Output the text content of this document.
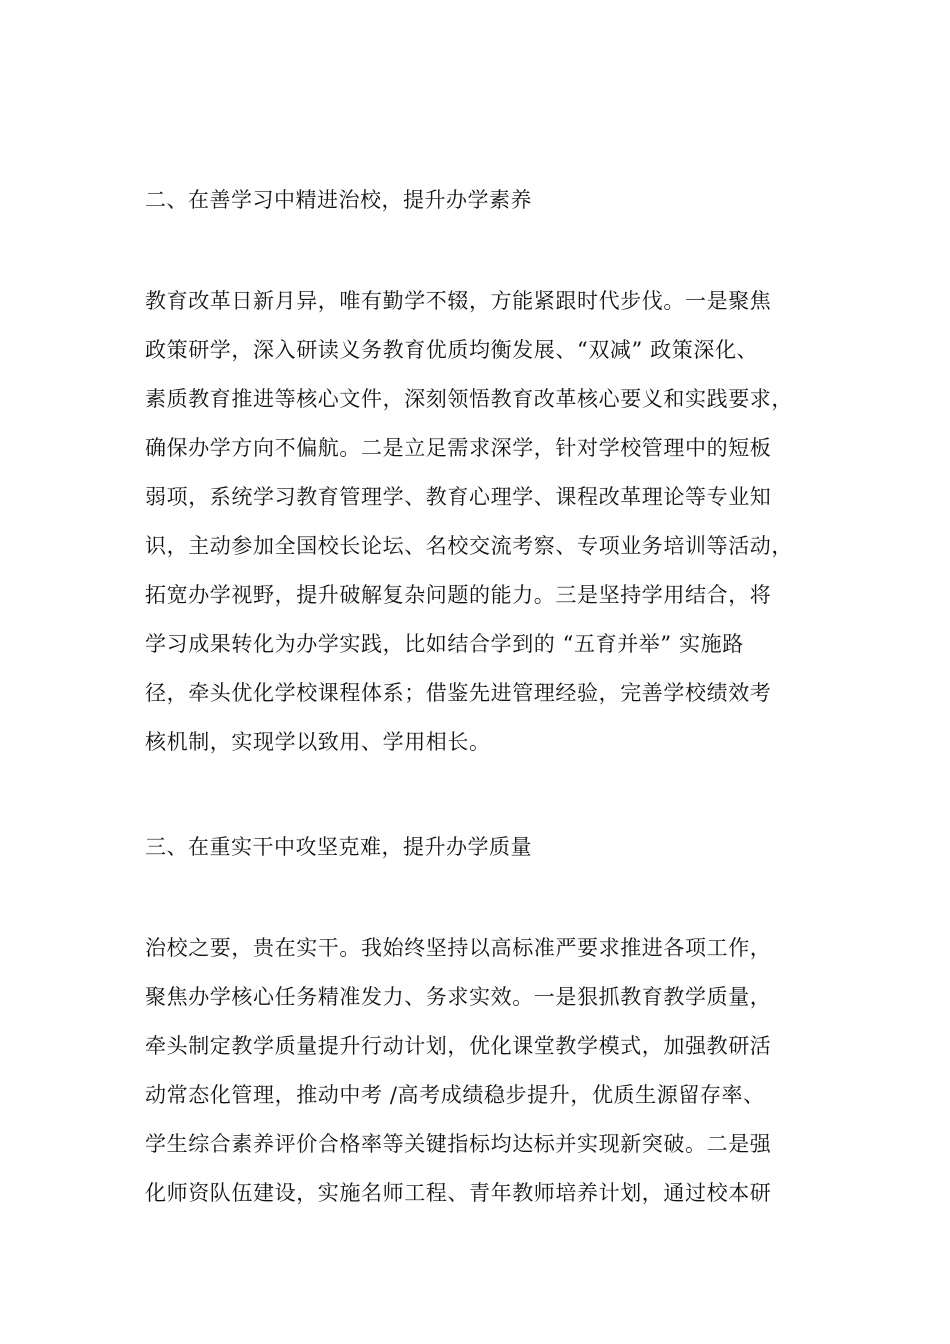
二、在善学习中精进治校，提升办学素养
教育改革日新月异，唯有勤学不辍，方能紧跟时代步伐。一是聚焦
政策研学，深入研读义务教育优质均衡发展、“双减” 政策深化、
素质教育推进等核心文件，深刻领悟教育改革核心要义和实践要求，
确保办学方向不偏航。二是立足需求深学，针对学校管理中的短板
弱项，系统学习教育管理学、教育心理学、课程改革理论等专业知
识，主动参加全国校长论坛、名校交流考察、专项业务培训等活动，
拓宽办学视野，提升破解复杂问题的能力。三是坚持学用结合，将
学习成果转化为办学实践，比如结合学到的 “五育并举” 实施路
径，牵头优化学校课程体系；借鉴先进管理经验，完善学校绩效考
核机制，实现学以致用、学用相长。
三、在重实干中攻坚克难，提升办学质量
治校之要，贵在实干。我始终坚持以高标准严要求推进各项工作，
聚焦办学核心任务精准发力、务求实效。一是狠抓教育教学质量，
牵头制定教学质量提升行动计划，优化课堂教学模式，加强教研活
动常态化管理，推动中考 /高考成绩稳步提升，优质生源留存率、
学生综合素养评价合格率等关键指标均达标并实现新突破。二是强
化师资队伍建设，实施名师工程、青年教师培养计划，通过校本研
